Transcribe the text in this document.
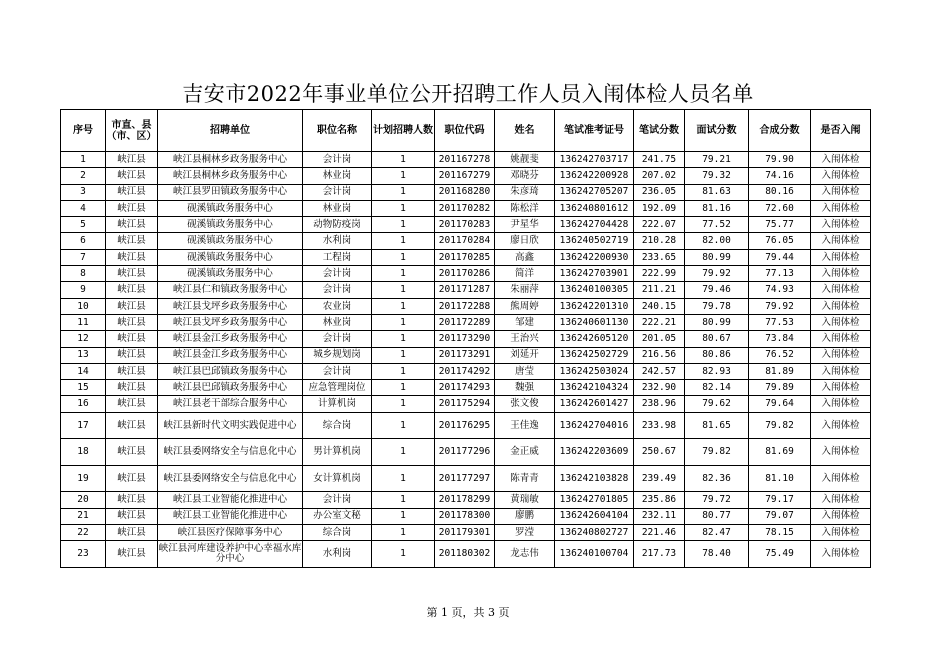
吉安市2022年事业单位公开招聘工作人员入闱体检人员名单
序号	市直、县（市、区）	招聘单位	职位名称	计划招聘人数	职位代码	姓名	笔试准考证号	笔试分数	面试分数	合成分数	是否入闱
1	峡江县	峡江县桐林乡政务服务中心	会计岗	1	201167278	姚靓斐	136242703717	241.75	79.21	79.90	入闱体检
2	峡江县	峡江县桐林乡政务服务中心	林业岗	1	201167279	邓晓芬	136242200928	207.02	79.32	74.16	入闱体检
3	峡江县	峡江县罗田镇政务服务中心	会计岗	1	201168280	朱彦琦	136242705207	236.05	81.63	80.16	入闱体检
4	峡江县	砚溪镇政务服务中心	林业岗	1	201170282	陈松洋	136240801612	192.09	81.16	72.60	入闱体检
5	峡江县	砚溪镇政务服务中心	动物防疫岗	1	201170283	尹星华	136242704428	222.07	77.52	75.77	入闱体检
6	峡江县	砚溪镇政务服务中心	水利岗	1	201170284	廖日欣	136240502719	210.28	82.00	76.05	入闱体检
7	峡江县	砚溪镇政务服务中心	工程岗	1	201170285	高鑫	136242200930	233.65	80.99	79.44	入闱体检
8	峡江县	砚溪镇政务服务中心	会计岗	1	201170286	简洋	136242703901	222.99	79.92	77.13	入闱体检
9	峡江县	峡江县仁和镇政务服务中心	会计岗	1	201171287	朱丽萍	136240100305	211.21	79.46	74.93	入闱体检
10	峡江县	峡江县戈坪乡政务服务中心	农业岗	1	201172288	熊周婷	136242201310	240.15	79.78	79.92	入闱体检
11	峡江县	峡江县戈坪乡政务服务中心	林业岗	1	201172289	邹建	136240601130	222.21	80.99	77.53	入闱体检
12	峡江县	峡江县金江乡政务服务中心	会计岗	1	201173290	王治兴	136242605120	201.05	80.67	73.84	入闱体检
13	峡江县	峡江县金江乡政务服务中心	城乡规划岗	1	201173291	刘延开	136242502729	216.56	80.86	76.52	入闱体检
14	峡江县	峡江县巴邱镇政务服务中心	会计岗	1	201174292	唐莹	136242503024	242.57	82.93	81.89	入闱体检
15	峡江县	峡江县巴邱镇政务服务中心	应急管理岗位	1	201174293	魏强	136242104324	232.90	82.14	79.89	入闱体检
16	峡江县	峡江县老干部综合服务中心	计算机岗	1	201175294	张文俊	136242601427	238.96	79.62	79.64	入闱体检
17	峡江县	峡江县新时代文明实践促进中心	综合岗	1	201176295	王佳逸	136242704016	233.98	81.65	79.82	入闱体检
18	峡江县	峡江县委网络安全与信息化中心	男计算机岗	1	201177296	金正威	136242203609	250.67	79.82	81.69	入闱体检
19	峡江县	峡江县委网络安全与信息化中心	女计算机岗	1	201177297	陈青青	136242103828	239.49	82.36	81.10	入闱体检
20	峡江县	峡江县工业智能化推进中心	会计岗	1	201178299	黄瑞敏	136242701805	235.86	79.72	79.17	入闱体检
21	峡江县	峡江县工业智能化推进中心	办公室文秘	1	201178300	廖鹏	136242604104	232.11	80.77	79.07	入闱体检
22	峡江县	峡江县医疗保障事务中心	综合岗	1	201179301	罗滢	136240802727	221.46	82.47	78.15	入闱体检
23	峡江县	峡江县河库建设养护中心幸福水库分中心	水利岗	1	201180302	龙志伟	136240100704	217.73	78.40	75.49	入闱体检
第 1 页，共 3 页
